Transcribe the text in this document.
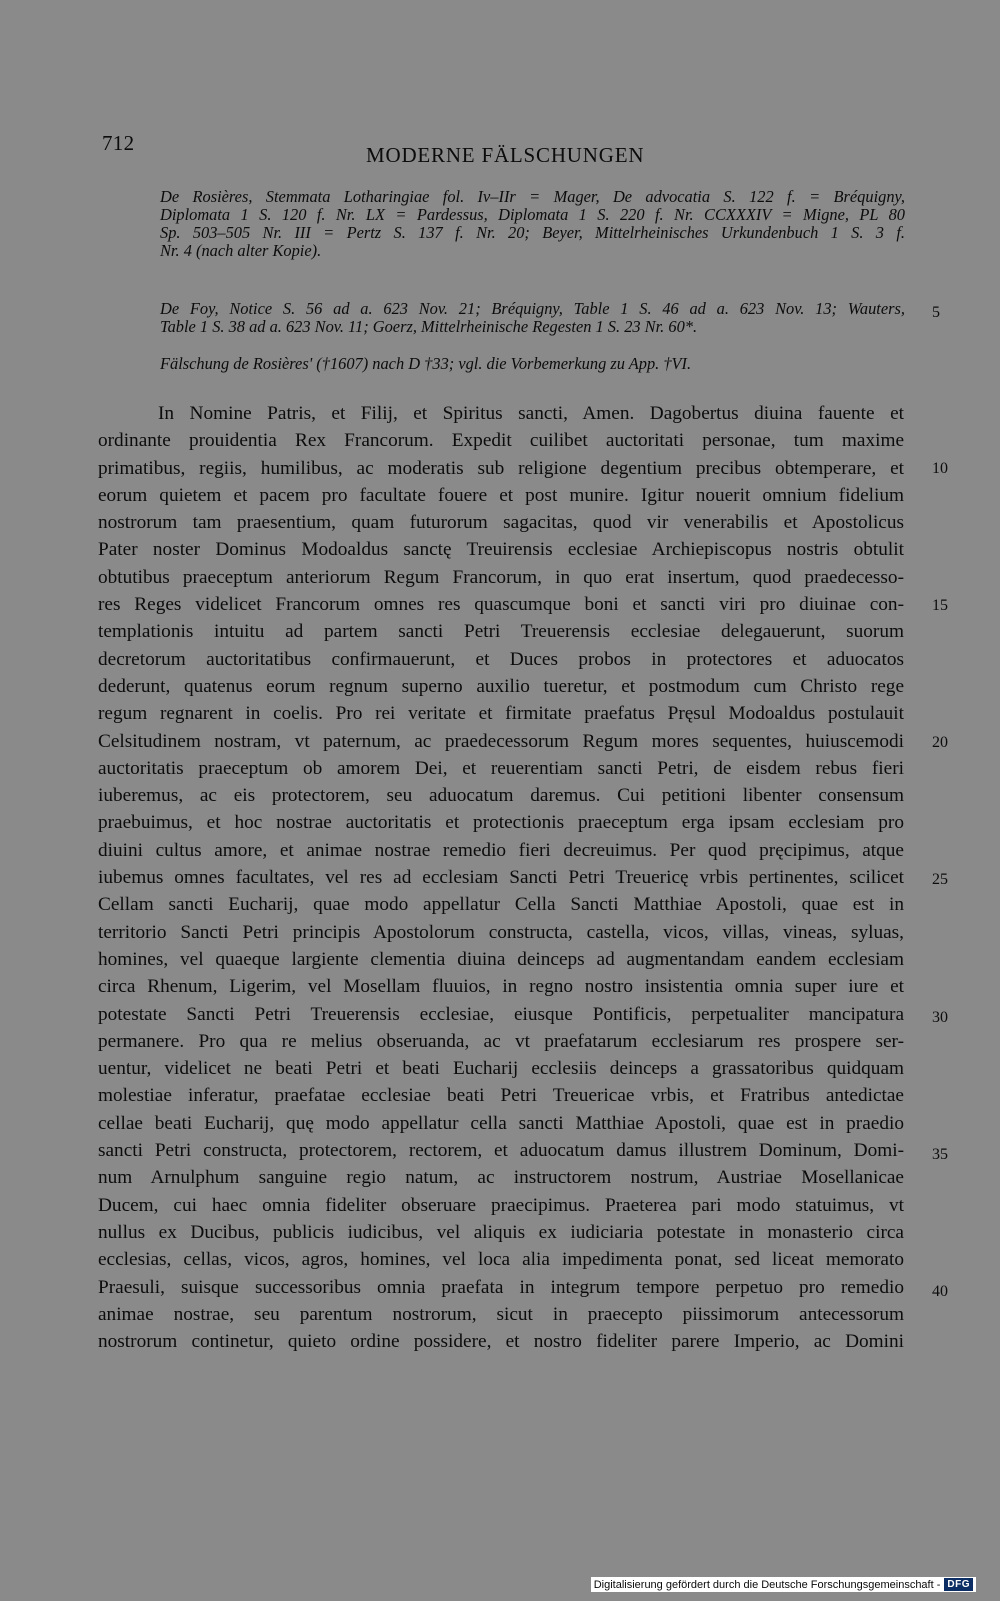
712	MODERNE FÄLSCHUNGEN
De Rosières, Stemmata Lotharingiae fol. Iv–IIr = Mager, De advocatia S. 122 f. = Bréquigny,
Diplomata 1 S. 120 f. Nr. LX = Pardessus, Diplomata 1 S. 220 f. Nr. CCXXXIV = Migne, PL 80
Sp. 503–505 Nr. III = Pertz S. 137 f. Nr. 20; Beyer, Mittelrheinisches Urkundenbuch 1 S. 3 f.
Nr. 4 (nach alter Kopie).
De Foy, Notice S. 56 ad a. 623 Nov. 21; Bréquigny, Table 1 S. 46 ad a. 623 Nov. 13; Wauters,
Table 1 S. 38 ad a. 623 Nov. 11; Goerz, Mittelrheinische Regesten 1 S. 23 Nr. 60*.
Fälschung de Rosières' (†1607) nach D †33; vgl. die Vorbemerkung zu App. †VI.
5
10
15
20
25
30
35
40
In Nomine Patris, et Filij, et Spiritus sancti, Amen. Dagobertus diuina fauente et
ordinante prouidentia Rex Francorum. Expedit cuilibet auctoritati personae, tum maxime
primatibus, regiis, humilibus, ac moderatis sub religione degentium precibus obtemperare, et
eorum quietem et pacem pro facultate fouere et post munire. Igitur nouerit omnium fidelium
nostrorum tam praesentium, quam futurorum sagacitas, quod vir venerabilis et Apostolicus
Pater noster Dominus Modoaldus sanctę Treuirensis ecclesiae Archiepiscopus nostris obtulit
obtutibus praeceptum anteriorum Regum Francorum, in quo erat insertum, quod praedecesso-
res Reges videlicet Francorum omnes res quascumque boni et sancti viri pro diuinae con-
templationis intuitu ad partem sancti Petri Treuerensis ecclesiae delegauerunt, suorum
decretorum auctoritatibus confirmauerunt, et Duces probos in protectores et aduocatos
dederunt, quatenus eorum regnum superno auxilio tueretur, et postmodum cum Christo rege
regum regnarent in coelis. Pro rei veritate et firmitate praefatus Pręsul Modoaldus postulauit
Celsitudinem nostram, vt paternum, ac praedecessorum Regum mores sequentes, huiuscemodi
auctoritatis praeceptum ob amorem Dei, et reuerentiam sancti Petri, de eisdem rebus fieri
iuberemus, ac eis protectorem, seu aduocatum daremus. Cui petitioni libenter consensum
praebuimus, et hoc nostrae auctoritatis et protectionis praeceptum erga ipsam ecclesiam pro
diuini cultus amore, et animae nostrae remedio fieri decreuimus. Per quod pręcipimus, atque
iubemus omnes facultates, vel res ad ecclesiam Sancti Petri Treuericę vrbis pertinentes, scilicet
Cellam sancti Eucharij, quae modo appellatur Cella Sancti Matthiae Apostoli, quae est in
territorio Sancti Petri principis Apostolorum constructa, castella, vicos, villas, vineas, syluas,
homines, vel quaeque largiente clementia diuina deinceps ad augmentandam eandem ecclesiam
circa Rhenum, Ligerim, vel Mosellam fluuios, in regno nostro insistentia omnia super iure et
potestate Sancti Petri Treuerensis ecclesiae, eiusque Pontificis, perpetualiter mancipatura
permanere. Pro qua re melius obseruanda, ac vt praefatarum ecclesiarum res prospere ser-
uentur, videlicet ne beati Petri et beati Eucharij ecclesiis deinceps a grassatoribus quidquam
molestiae inferatur, praefatae ecclesiae beati Petri Treuericae vrbis, et Fratribus antedictae
cellae beati Eucharij, quę modo appellatur cella sancti Matthiae Apostoli, quae est in praedio
sancti Petri constructa, protectorem, rectorem, et aduocatum damus illustrem Dominum, Domi-
num Arnulphum sanguine regio natum, ac instructorem nostrum, Austriae Mosellanicae
Ducem, cui haec omnia fideliter obseruare praecipimus. Praeterea pari modo statuimus, vt
nullus ex Ducibus, publicis iudicibus, vel aliquis ex iudiciaria potestate in monasterio circa
ecclesias, cellas, vicos, agros, homines, vel loca alia impedimenta ponat, sed liceat memorato
Praesuli, suisque successoribus omnia praefata in integrum tempore perpetuo pro remedio
animae nostrae, seu parentum nostrorum, sicut in praecepto piissimorum antecessorum
nostrorum continetur, quieto ordine possidere, et nostro fideliter parere Imperio, ac Domini
Digitalisierung gefördert durch die Deutsche Forschungsgemeinschaft - DFG
